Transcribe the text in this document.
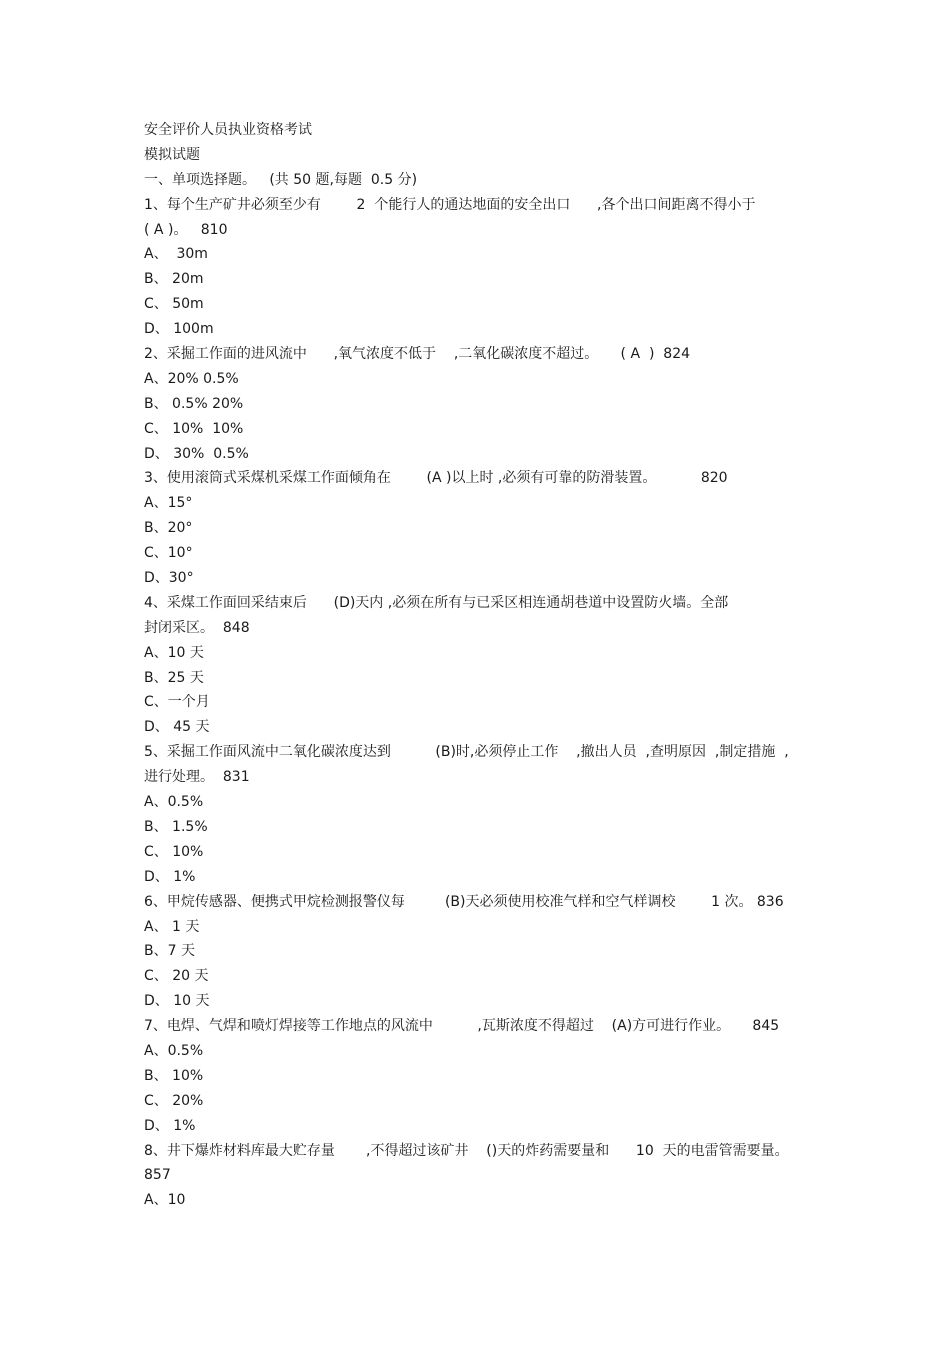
安全评价人员执业资格考试
模拟试题
一、单项选择题。   (共 50 题,每题  0.5 分)
1、每个生产矿井必须至少有        2  个能行人的通达地面的安全出口      ,各个出口间距离不得小于
( A )。   810
A、  30m
B、 20m
C、 50m
D、 100m
2、采掘工作面的进风流中      ,氧气浓度不低于    ,二氧化碳浓度不超过。     ( A  )  824
A、20% 0.5%
B、 0.5% 20%
C、 10%  10%
D、 30%  0.5%
3、使用滚筒式采煤机采煤工作面倾角在        (A )以上时 ,必须有可靠的防滑装置。          820
A、15°
B、20°
C、10°
D、30°
4、采煤工作面回采结束后      (D)天内 ,必须在所有与已采区相连通胡巷道中设置防火墙。全部
封闭采区。  848
A、10 天
B、25 天
C、一个月
D、 45 天
5、采掘工作面风流中二氧化碳浓度达到          (B)时,必须停止工作    ,撤出人员  ,查明原因  ,制定措施  ,
进行处理。  831
A、0.5%
B、 1.5%
C、 10%
D、 1%
6、甲烷传感器、便携式甲烷检测报警仪每         (B)天必须使用校准气样和空气样调校        1 次。 836
A、 1 天
B、7 天
C、 20 天
D、 10 天
7、电焊、气焊和喷灯焊接等工作地点的风流中          ,瓦斯浓度不得超过    (A)方可进行作业。     845
A、0.5%
B、 10%
C、 20%
D、 1%
8、井下爆炸材料库最大贮存量       ,不得超过该矿井    ()天的炸药需要量和      10  天的电雷管需要量。
857
A、10
